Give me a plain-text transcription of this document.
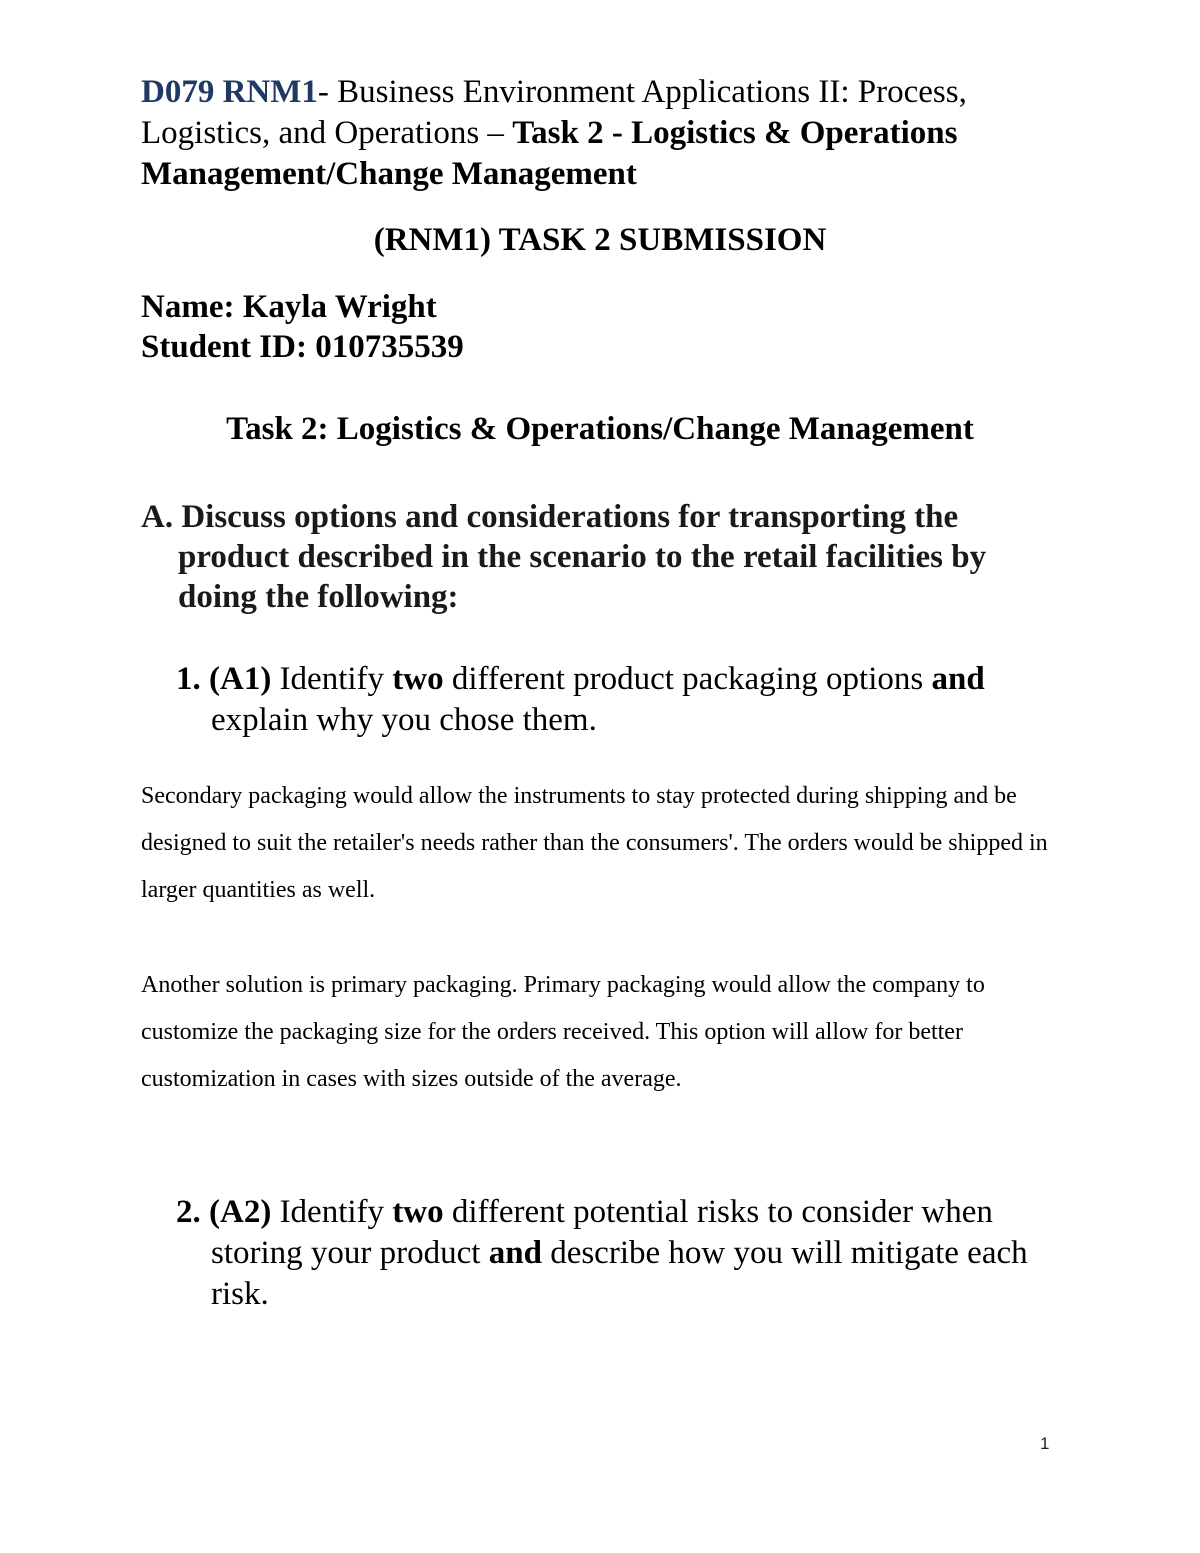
D079 RNM1- Business Environment Applications II: Process, Logistics, and Operations – Task 2 - Logistics & Operations Management/Change Management

(RNM1) TASK 2 SUBMISSION

Name: Kayla Wright
Student ID: 010735539

Task 2: Logistics & Operations/Change Management

A. Discuss options and considerations for transporting the product described in the scenario to the retail facilities by doing the following:

1. (A1) Identify two different product packaging options and explain why you chose them.

Secondary packaging would allow the instruments to stay protected during shipping and be designed to suit the retailer's needs rather than the consumers'. The orders would be shipped in larger quantities as well.

Another solution is primary packaging. Primary packaging would allow the company to customize the packaging size for the orders received. This option will allow for better customization in cases with sizes outside of the average.

2. (A2) Identify two different potential risks to consider when storing your product and describe how you will mitigate each risk.

1
